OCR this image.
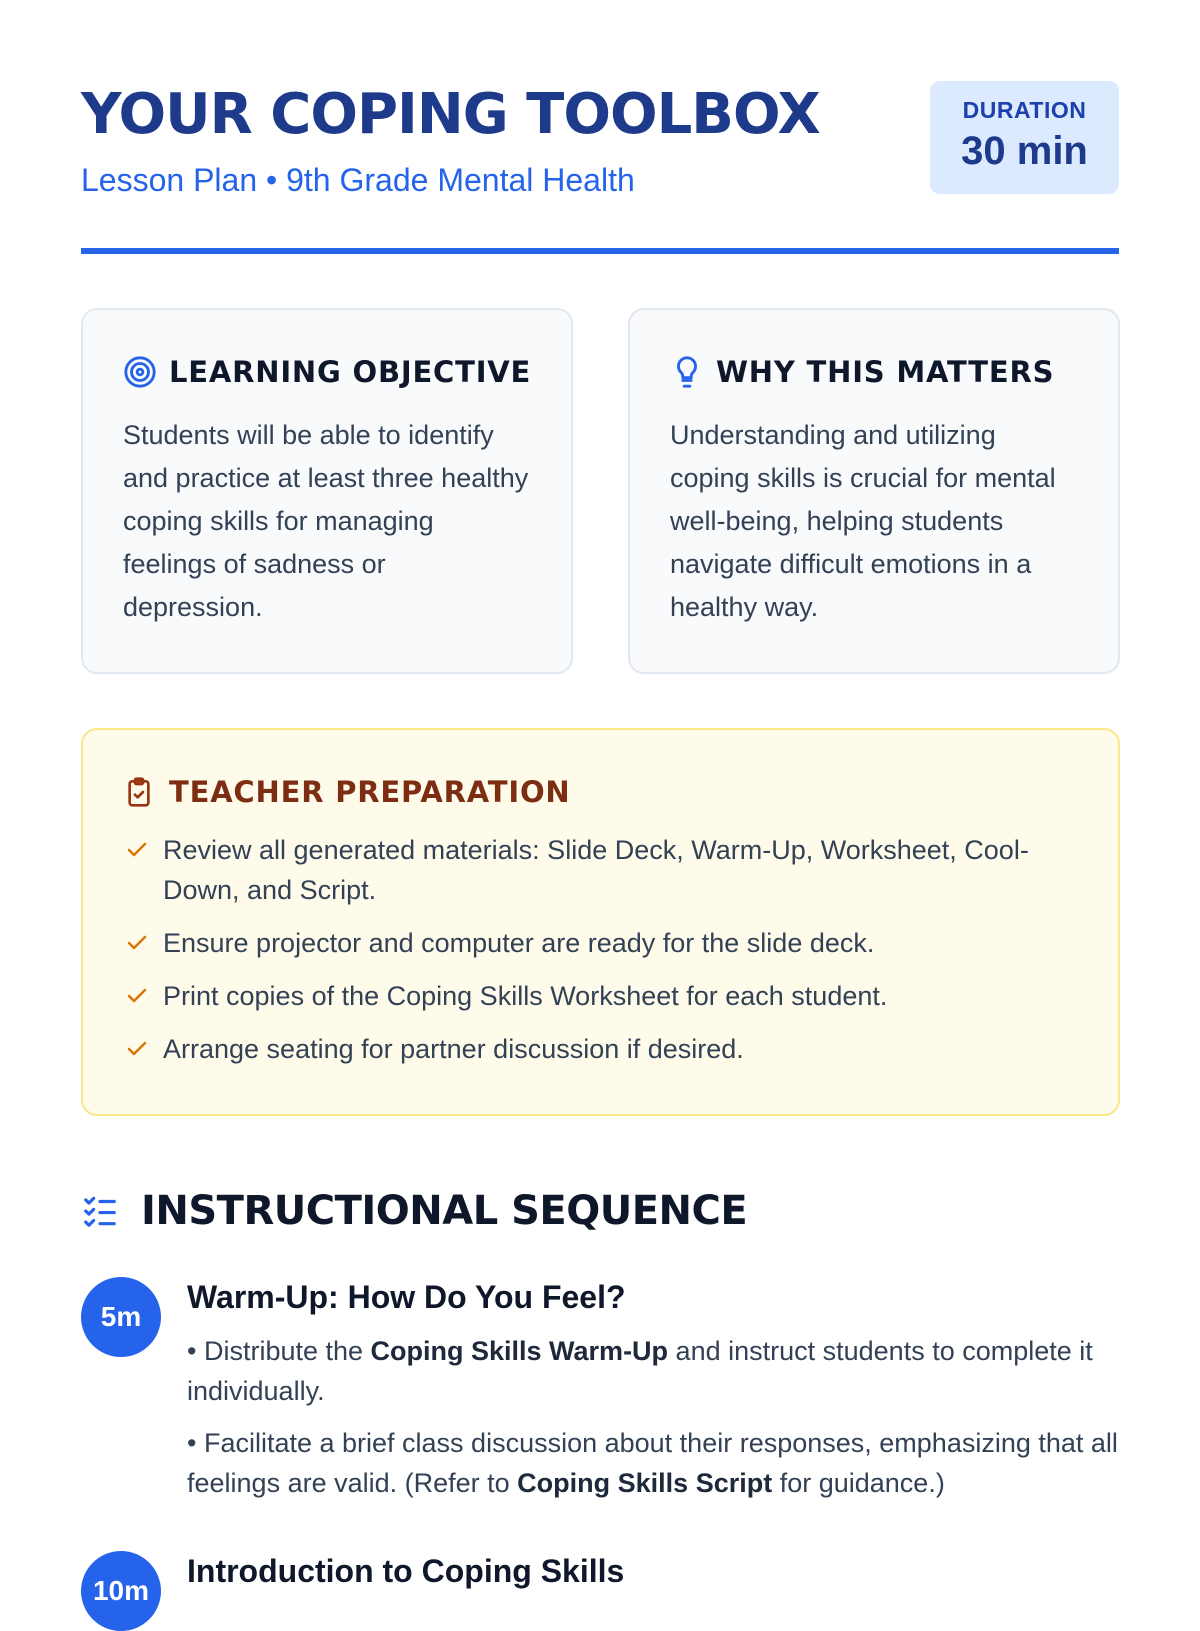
YOUR COPING TOOLBOX
Lesson Plan • 9th Grade Mental Health
DURATION
30 min
LEARNING OBJECTIVE

Students will be able to identify and practice at least three healthy coping skills for managing feelings of sadness or depression.

WHY THIS MATTERS

Understanding and utilizing coping skills is crucial for mental well-being, helping students navigate difficult emotions in a healthy way.

TEACHER PREPARATION
Review all generated materials: Slide Deck, Warm-Up, Worksheet, Cool-Down, and Script.
Ensure projector and computer are ready for the slide deck.
Print copies of the Coping Skills Worksheet for each student.
Arrange seating for partner discussion if desired.
INSTRUCTIONAL SEQUENCE
5m
Warm-Up: How Do You Feel?

• Distribute the Coping Skills Warm-Up and instruct students to complete it individually.

• Facilitate a brief class discussion about their responses, emphasizing that all feelings are valid. (Refer to Coping Skills Script for guidance.)

10m
Introduction to Coping Skills
